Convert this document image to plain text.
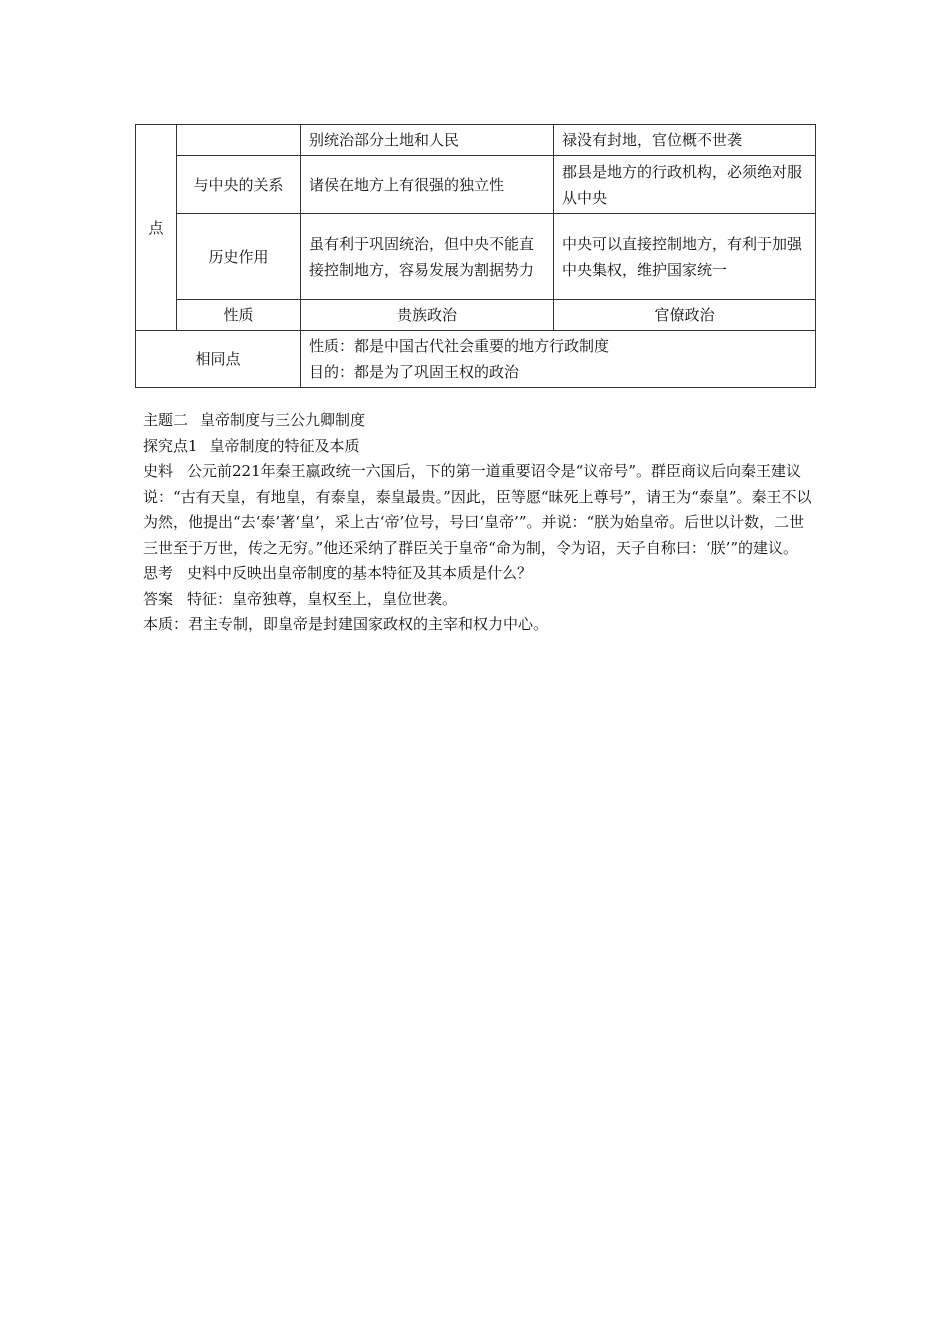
点		别统治部分土地和人民	禄没有封地，官位概不世袭
	与中央的关系	诸侯在地方上有很强的独立性	郡县是地方的行政机构，必须绝对服从中央
	历史作用	虽有利于巩固统治，但中央不能直接控制地方，容易发展为割据势力	中央可以直接控制地方，有利于加强中央集权，维护国家统一
	性质	贵族政治	官僚政治
相同点		性质：都是中国古代社会重要的地方行政制度
目的：都是为了巩固王权的政治	

主题二 皇帝制度与三公九卿制度

探究点1 皇帝制度的特征及本质

史料 公元前221年秦王嬴政统一六国后，下的第一道重要诏令是“议帝号”。群臣商议后向秦王建议说：“古有天皇，有地皇，有泰皇，泰皇最贵。”因此，臣等愿“昧死上尊号”，请王为“泰皇”。秦王不以为然，他提出“去‘泰’著‘皇’，采上古‘帝’位号，号曰‘皇帝’”。并说：“朕为始皇帝。后世以计数，二世三世至于万世，传之无穷。”他还采纳了群臣关于皇帝“命为制，令为诏，天子自称曰：‘朕’”的建议。

思考 史料中反映出皇帝制度的基本特征及其本质是什么？

答案 特征：皇帝独尊，皇权至上，皇位世袭。

本质：君主专制，即皇帝是封建国家政权的主宰和权力中心。
